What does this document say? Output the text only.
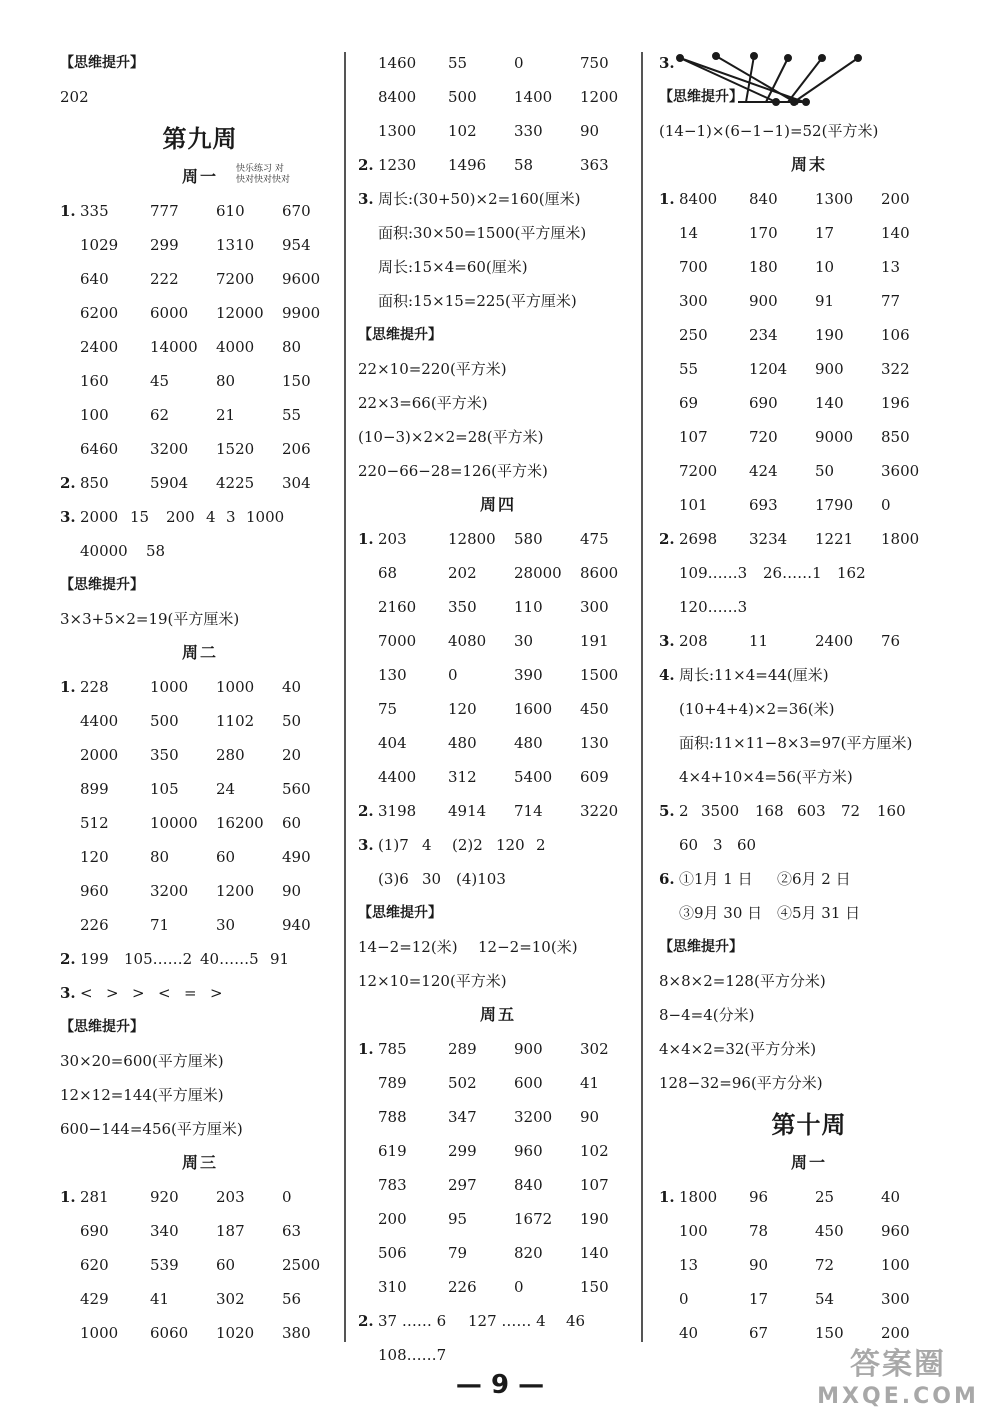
【思维提升】
202
第九周
周一 快乐练习 对
快对快对快对
1. 335	777 610 670
1029 299 1310 954
640	222 7200 9600
6200 6000 12000 9900
2400 14000 4000 80
160	45	80	150
100	62	21	55
6460 3200 1520 206
2. 850	5904 4225 304
3. 2000 15 200 4 3 1000
40000 58
【思维提升】
3×3+5×2=19(平方厘米)
周二
1. 228	1000 1000 40
4400 500 1102 50
2000 350 280 20
899	105 24	560
512	10000 16200 60
120	80	60	490
960	3200 1200 90
226	71	30	940
2. 199 105……2 40……5 91
3. < > > < = >
【思维提升】
30×20=600(平方厘米)
12×12=144(平方厘米)
600−144=456(平方厘米)
周三
1. 281	920 203 0
690	340 187 63
620	539 60	2500
429	41	302 56
1000 6060 1020 380
1460 55	0	750
8400 500 1400 1200
1300 102 330 90
2. 1230 1496 58	363
3. 周长:(30+50)×2=160(厘米)
面积:30×50=1500(平方厘米)
周长:15×4=60(厘米)
面积:15×15=225(平方厘米)
【思维提升】
22×10=220(平方米)
22×3=66(平方米)
(10−3)×2×2=28(平方米)
220−66−28=126(平方米)
周四
1. 203	12800 580 475
68	202 28000 8600
2160 350 110 300
7000 4080 30	191
130	0	390 1500
75	120 1600 450
404	480 480 130
4400 312 5400 609
2. 3198 4914 714 3220
3. (1)7 4 (2)2 120 2
(3)6 30 (4)103
【思维提升】
14−2=12(米) 12−2=10(米)
12×10=120(平方米)
周五
1. 785	289 900 302
789	502 600 41
788	347 3200 90
619	299 960 102
783	297 840 107
200	95	1672 190
506	79	820 140
310	226 0	150
2. 37 …… 6 127 …… 4 46
108……7
3.
【思维提升】
(14−1)×(6−1−1)=52(平方米)
周末
1. 8400 840 1300 200
14	170 17	140
700	180 10	13
300	900 91	77
250	234 190 106
55	1204 900 322
69	690 140 196
107	720 9000 850
7200 424 50	3600
101	693 1790 0
2. 2698 3234 1221 1800
109……3 26……1 162
120……3
3. 208	11	2400 76
4. 周长:11×4=44(厘米)
(10+4+4)×2=36(米)
面积:11×11−8×3=97(平方厘米)
4×4+10×4=56(平方米)
5. 2 3500 168 603 72 160
60 3 60
6. ①1月 1 日 ②6月 2 日
③9月 30 日 ④5月 31 日
【思维提升】
8×8×2=128(平方分米)
8−4=4(分米)
4×4×2=32(平方分米)
128−32=96(平方分米)
第十周
周一
1. 1800 96	25	40
100	78	450 960
13	90	72	100
0	17	54	300
40	67	150 200
— 9 —
答案圈
MXQE.COM
